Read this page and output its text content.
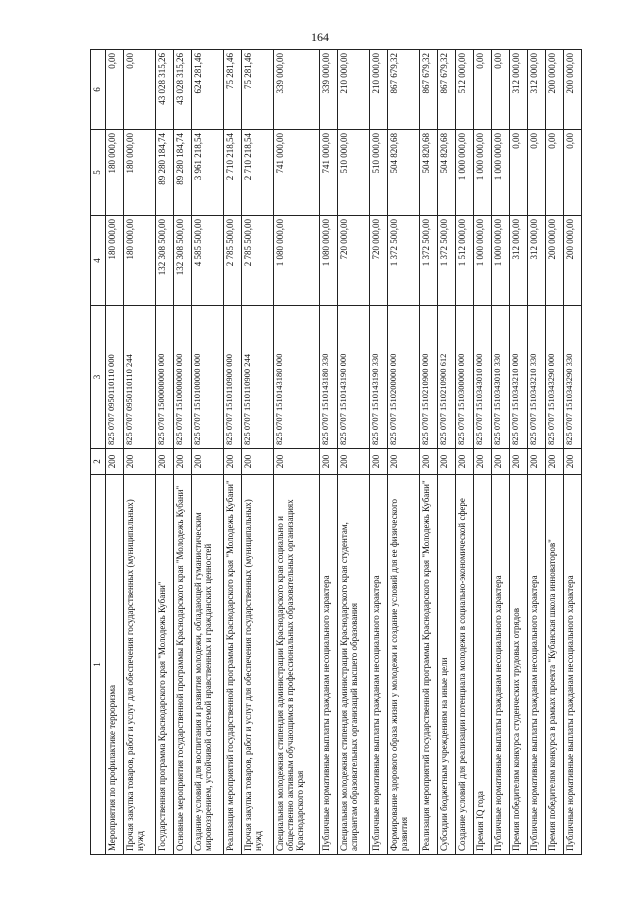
164
1	2	3	4	5	6
Мероприятия по профилактике терроризма	200	825 0707 0950110110 000	180 000,00	180 000,00	0,00
Прочая закупка товаров, работ и услуг для обеспечения государственных (муниципальных) нужд	200	825 0707 0950110110 244	180 000,00	180 000,00	0,00
Государственная программа Краснодарского края "Молодежь Кубани"	200	825 0707 1500000000 000	132 308 500,00	89 280 184,74	43 028 315,26
Основные мероприятия государственной программы Краснодарского края "Молодежь Кубани"	200	825 0707 1510000000 000	132 308 500,00	89 280 184,74	43 028 315,26
Создание условий для воспитания и развития молодежи, обладающей гуманистическим мировоззрением, устойчивой системой нравственных и гражданских ценностей	200	825 0707 1510100000 000	4 585 500,00	3 961 218,54	624 281,46
Реализация мероприятий государственной программы Краснодарского края "Молодежь Кубани"	200	825 0707 1510110900 000	2 785 500,00	2 710 218,54	75 281,46
Прочая закупка товаров, работ и услуг для обеспечения государственных (муниципальных) нужд	200	825 0707 1510110900 244	2 785 500,00	2 710 218,54	75 281,46
Специальная молодежная стипендия администрации Краснодарского края социально и общественно активным обучающимся в профессиональных образовательных организациях Краснодарского края	200	825 0707 1510143180 000	1 080 000,00	741 000,00	339 000,00
Публичные нормативные выплаты гражданам несоциального характера	200	825 0707 1510143180 330	1 080 000,00	741 000,00	339 000,00
Специальная молодежная стипендия администрации Краснодарского края студентам, аспирантам образовательных организаций высшего образования	200	825 0707 1510143190 000	720 000,00	510 000,00	210 000,00
Публичные нормативные выплаты гражданам несоциального характера	200	825 0707 1510143190 330	720 000,00	510 000,00	210 000,00
Формирование здорового образа жизни у молодежи и создание условий для ее физического развития	200	825 0707 1510200000 000	1 372 500,00	504 820,68	867 679,32
Реализация мероприятий государственной программы Краснодарского края "Молодежь Кубани"	200	825 0707 1510210900 000	1 372 500,00	504 820,68	867 679,32
Субсидии бюджетным учреждениям на иные цели	200	825 0707 1510210900 612	1 372 500,00	504 820,68	867 679,32
Создание условий для реализации потенциала молодежи в социально-экономической сфере	200	825 0707 1510300000 000	1 512 000,00	1 000 000,00	512 000,00
Премия IQ года	200	825 0707 1510343010 000	1 000 000,00	1 000 000,00	0,00
Публичные нормативные выплаты гражданам несоциального характера	200	825 0707 1510343010 330	1 000 000,00	1 000 000,00	0,00
Премия победителям конкурса студенческих трудовых отрядов	200	825 0707 1510343210 000	312 000,00	0,00	312 000,00
Публичные нормативные выплаты гражданам несоциального характера	200	825 0707 1510343210 330	312 000,00	0,00	312 000,00
Премия победителям конкурса в рамках проекта "Кубанская школа инноваторов"	200	825 0707 1510343290 000	200 000,00	0,00	200 000,00
Публичные нормативные выплаты гражданам несоциального характера	200	825 0707 1510343290 330	200 000,00	0,00	200 000,00
